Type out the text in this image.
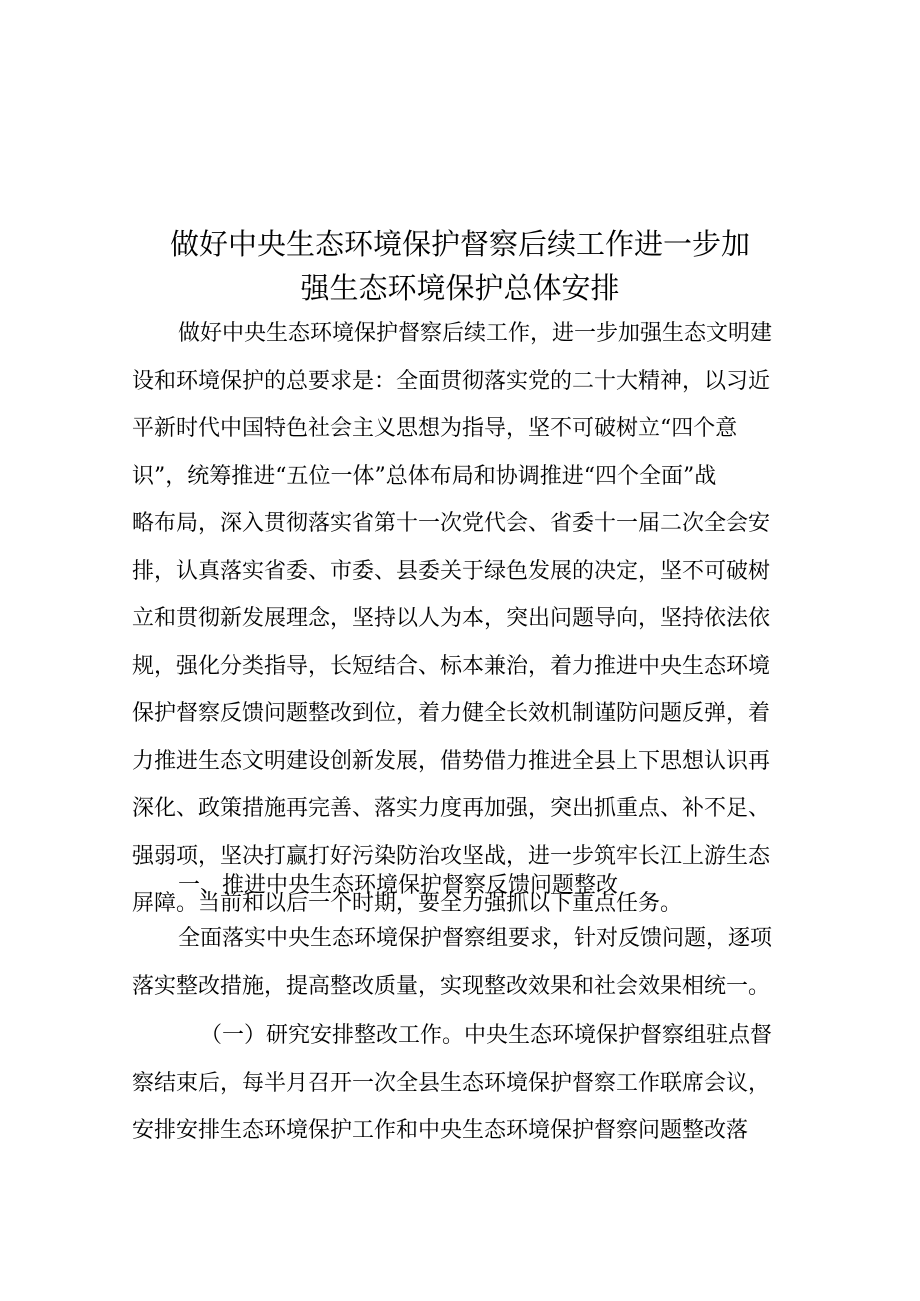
做好中央生态环境保护督察后续工作进一步加
强生态环境保护总体安排
做好中央生态环境保护督察后续工作，进一步加强生态文明建
设和环境保护的总要求是：全面贯彻落实党的二十大精神，以习近
平新时代中国特色社会主义思想为指导，坚不可破树立“四个意
识”，统筹推进“五位一体”总体布局和协调推进“四个全面”战
略布局，深入贯彻落实省第十一次党代会、省委十一届二次全会安
排，认真落实省委、市委、县委关于绿色发展的决定，坚不可破树
立和贯彻新发展理念，坚持以人为本，突出问题导向，坚持依法依
规，强化分类指导，长短结合、标本兼治，着力推进中央生态环境
保护督察反馈问题整改到位，着力健全长效机制谨防问题反弹，着
力推进生态文明建设创新发展，借势借力推进全县上下思想认识再
深化、政策措施再完善、落实力度再加强，突出抓重点、补不足、
强弱项，坚决打赢打好污染防治攻坚战，进一步筑牢长江上游生态
屏障。当前和以后一个时期，要全力强抓以下重点任务。
一、推进中央生态环境保护督察反馈问题整改
全面落实中央生态环境保护督察组要求，针对反馈问题，逐项
落实整改措施，提高整改质量，实现整改效果和社会效果相统一。
（一）研究安排整改工作。中央生态环境保护督察组驻点督
察结束后，每半月召开一次全县生态环境保护督察工作联席会议，
安排安排生态环境保护工作和中央生态环境保护督察问题整改落
